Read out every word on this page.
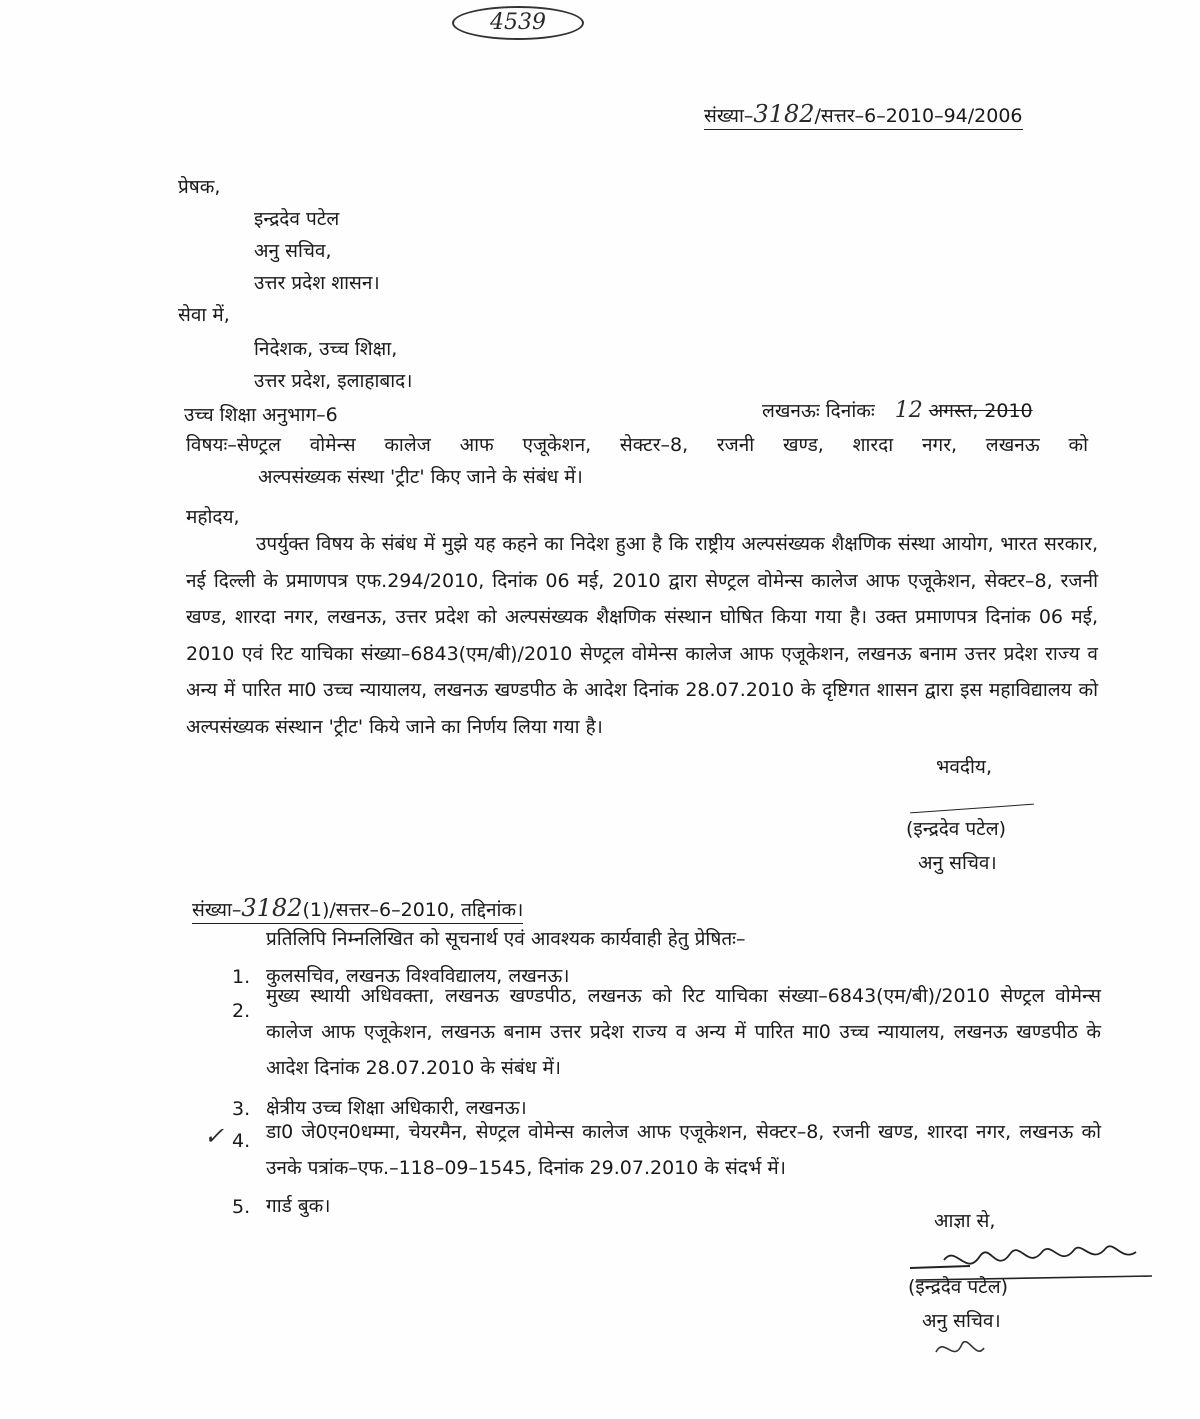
4539
संख्या–3182/सत्तर–6–2010–94/2006
प्रेषक,
इन्द्रदेव पटेल
अनु सचिव,
उत्तर प्रदेश शासन।
सेवा में,
निदेशक, उच्च शिक्षा,
उत्तर प्रदेश, इलाहाबाद।
उच्च शिक्षा अनुभाग–6	लखनऊः दिनांकः 12 अगस्त, 2010
विषयः–सेण्ट्रल वोमेन्स कालेज आफ एजूकेशन, सेक्टर–8, रजनी खण्ड, शारदा नगर, लखनऊ को
अल्पसंख्यक संस्था 'ट्रीट' किए जाने के संबंध में।
महोदय,

उपर्युक्त विषय के संबंध में मुझे यह कहने का निदेश हुआ है कि राष्ट्रीय अल्पसंख्यक शैक्षणिक संस्था आयोग, भारत सरकार, नई दिल्ली के प्रमाणपत्र एफ.294/2010, दिनांक 06 मई, 2010 द्वारा सेण्ट्रल वोमेन्स कालेज आफ एजूकेशन, सेक्टर–8, रजनी खण्ड, शारदा नगर, लखनऊ, उत्तर प्रदेश को अल्पसंख्यक शैक्षणिक संस्थान घोषित किया गया है। उक्त प्रमाणपत्र दिनांक 06 मई, 2010 एवं रिट याचिका संख्या–6843(एम/बी)/2010 सेण्ट्रल वोमेन्स कालेज आफ एजूकेशन, लखनऊ बनाम उत्तर प्रदेश राज्य व अन्य में पारित मा0 उच्च न्यायालय, लखनऊ खण्डपीठ के आदेश दिनांक 28.07.2010 के दृष्टिगत शासन द्वारा इस महाविद्यालय को अल्पसंख्यक संस्थान 'ट्रीट' किये जाने का निर्णय लिया गया है।

भवदीय,
(इन्द्रदेव पटेल)
अनु सचिव।
संख्या–3182(1)/सत्तर–6–2010, तद्दिनांक।
प्रतिलिपि निम्नलिखित को सूचनार्थ एवं आवश्यक कार्यवाही हेतु प्रेषितः–
1. कुलसचिव, लखनऊ विश्वविद्यालय, लखनऊ।
2.
मुख्य स्थायी अधिवक्ता, लखनऊ खण्डपीठ, लखनऊ को रिट याचिका संख्या–6843(एम/बी)/2010 सेण्ट्रल वोमेन्स कालेज आफ एजूकेशन, लखनऊ बनाम उत्तर प्रदेश राज्य व अन्य में पारित मा0 उच्च न्यायालय, लखनऊ खण्डपीठ के आदेश दिनांक 28.07.2010 के संबंध में।
3. क्षेत्रीय उच्च शिक्षा अधिकारी, लखनऊ।
✓ 4. डा0 जे0एन0धम्मा, चेयरमैन, सेण्ट्रल वोमेन्स कालेज आफ एजूकेशन, सेक्टर–8, रजनी खण्ड, शारदा नगर, लखनऊ को उनके पत्रांक–एफ.–118–09–1545, दिनांक 29.07.2010 के संदर्भ में।
5. गार्ड बुक।
आज्ञा से,
(इन्द्रदेव पटेल)
अनु सचिव।
